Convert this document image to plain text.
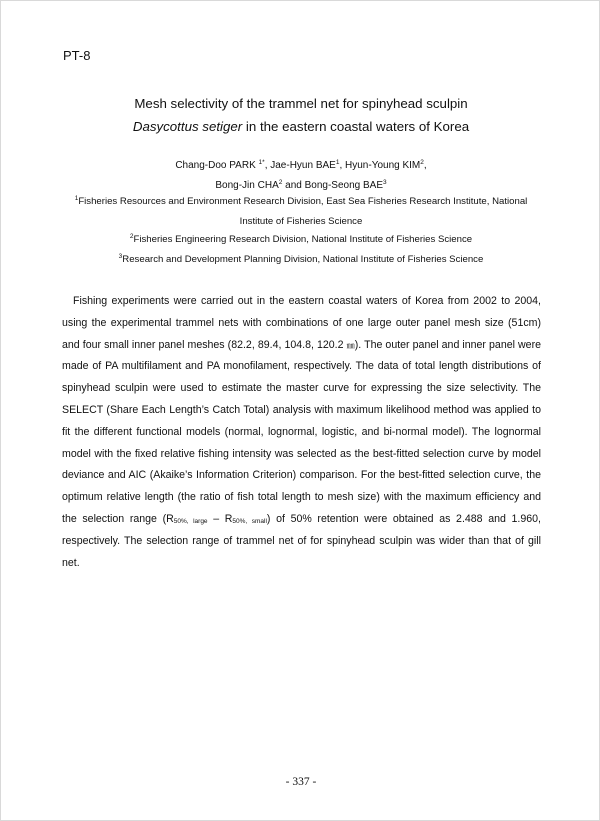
PT-8
Mesh selectivity of the trammel net for spinyhead sculpin
Dasycottus setiger in the eastern coastal waters of Korea
Chang-Doo PARK $^{1*}$, Jae-Hyun BAE$^1$, Hyun-Young KIM$^2$,
Bong-Jin CHA$^2$ and Bong-Seong BAE$^3$
$^1$Fisheries Resources and Environment Research Division, East Sea Fisheries Research Institute, National
Institute of Fisheries Science
$^2$Fisheries Engineering Research Division, National Institute of Fisheries Science
$^3$Research and Development Planning Division, National Institute of Fisheries Science

Fishing experiments were carried out in the eastern coastal waters of Korea from 2002 to 2004, using the experimental trammel nets with combinations of one large outer panel mesh size (51cm) and four small inner panel meshes (82.2, 89.4, 104.8, 120.2 ㎜). The outer panel and inner panel were made of PA multifilament and PA monofilament, respectively. The data of total length distributions of spinyhead sculpin were used to estimate the master curve for expressing the size selectivity. The SELECT (Share Each Length’s Catch Total) analysis with maximum likelihood method was applied to fit the different functional models (normal, lognormal, logistic, and bi-normal model). The lognormal model with the fixed relative fishing intensity was selected as the best-fitted selection curve by model deviance and AIC (Akaike’s Information Criterion) comparison. For the best-fitted selection curve, the optimum relative length (the ratio of fish total length to mesh size) with the maximum efficiency and the selection range $(R_{50\%, large} - R_{50\%, small})$ of 50% retention were obtained as 2.488 and 1.960, respectively. The selection range of trammel net of for spinyhead sculpin was wider than that of gill net.

- 337 -
